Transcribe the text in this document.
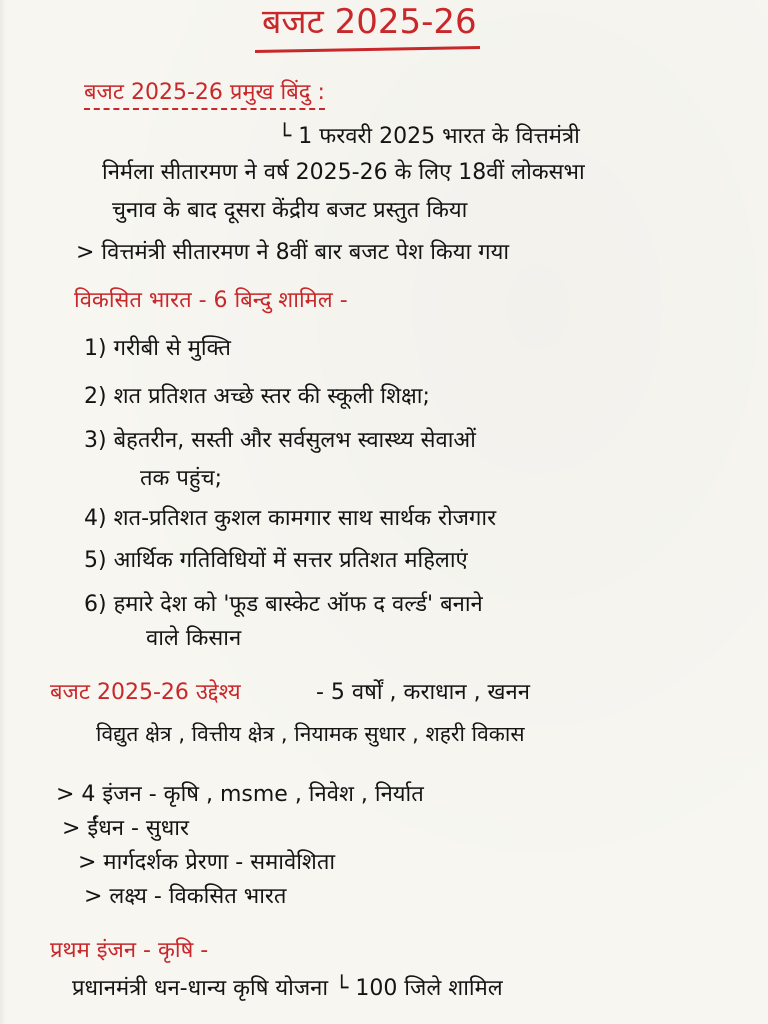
बजट 2025-26
बजट 2025-26 प्रमुख बिंदु :
└ 1 फरवरी 2025 भारत के वित्तमंत्री
निर्मला सीतारमण ने वर्ष 2025-26 के लिए 18वीं लोकसभा
चुनाव के बाद दूसरा केंद्रीय बजट प्रस्तुत किया
> वित्तमंत्री सीतारमण ने 8वीं बार बजट पेश किया गया
विकसित भारत - 6 बिन्दु शामिल -
1) गरीबी से मुक्ति
2) शत प्रतिशत अच्छे स्तर की स्कूली शिक्षा;
3) बेहतरीन, सस्ती और सर्वसुलभ स्वास्थ्य सेवाओं
तक पहुंच;
4) शत-प्रतिशत कुशल कामगार साथ सार्थक रोजगार
5) आर्थिक गतिविधियों में सत्तर प्रतिशत महिलाएं
6) हमारे देश को 'फूड बास्केट ऑफ द वर्ल्ड' बनाने
वाले किसान
बजट 2025-26 उद्देश्य	- 5 वर्षों , कराधान , खनन
विद्युत क्षेत्र , वित्तीय क्षेत्र , नियामक सुधार , शहरी विकास
> 4 इंजन - कृषि , msme , निवेश , निर्यात
> ईंधन - सुधार
> मार्गदर्शक प्रेरणा - समावेशिता
> लक्ष्य - विकसित भारत
प्रथम इंजन - कृषि -
प्रधानमंत्री धन-धान्य कृषि योजना └ 100 जिले शामिल
